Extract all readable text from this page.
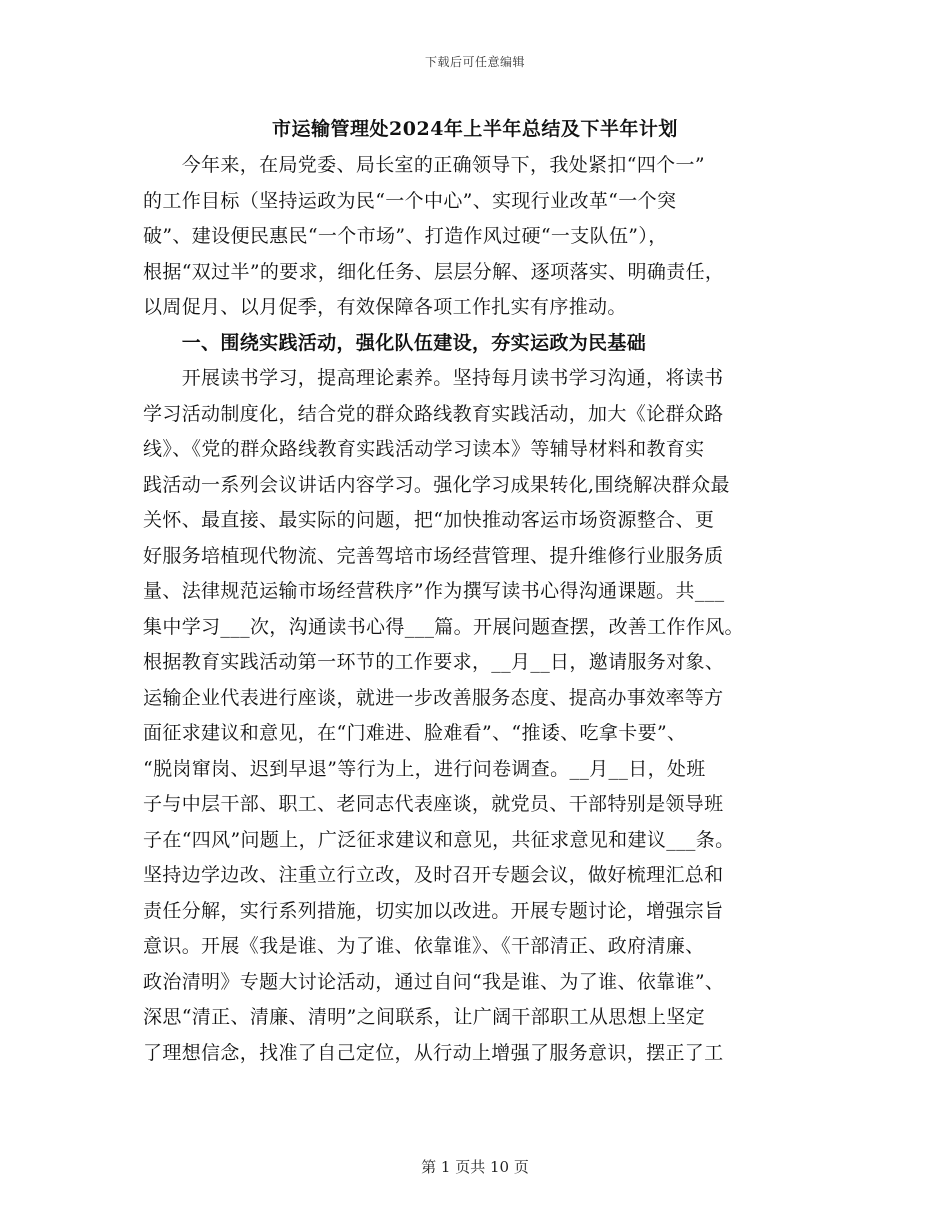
下载后可任意编辑
市运输管理处2024年上半年总结及下半年计划
　　今年来，在局党委、局长室的正确领导下，我处紧扣“四个一”
的工作目标（坚持运政为民“一个中心”、实现行业改革“一个突
破”、建设便民惠民“一个市场”、打造作风过硬“一支队伍”），
根据“双过半”的要求，细化任务、层层分解、逐项落实、明确责任，
以周促月、以月促季，有效保障各项工作扎实有序推动。
　　一、围绕实践活动，强化队伍建设，夯实运政为民基础
　　开展读书学习，提高理论素养。坚持每月读书学习沟通，将读书
学习活动制度化，结合党的群众路线教育实践活动，加大《论群众路
线》、《党的群众路线教育实践活动学习读本》等辅导材料和教育实
践活动一系列会议讲话内容学习。强化学习成果转化,围绕解决群众最
关怀、最直接、最实际的问题，把“加快推动客运市场资源整合、更
好服务培植现代物流、完善驾培市场经营管理、提升维修行业服务质
量、法律规范运输市场经营秩序”作为撰写读书心得沟通课题。共___
集中学习___次，沟通读书心得___篇。开展问题查摆，改善工作作风。
根据教育实践活动第一环节的工作要求，__月__日，邀请服务对象、
运输企业代表进行座谈，就进一步改善服务态度、提高办事效率等方
面征求建议和意见，在“门难进、脸难看”、“推诿、吃拿卡要”、
“脱岗窜岗、迟到早退”等行为上，进行问卷调查。__月__日，处班
子与中层干部、职工、老同志代表座谈，就党员、干部特别是领导班
子在“四风”问题上，广泛征求建议和意见，共征求意见和建议___条。
坚持边学边改、注重立行立改，及时召开专题会议，做好梳理汇总和
责任分解，实行系列措施，切实加以改进。开展专题讨论，增强宗旨
意识。开展《我是谁、为了谁、依靠谁》、《干部清正、政府清廉、
政治清明》专题大讨论活动，通过自问“我是谁、为了谁、依靠谁”、
深思“清正、清廉、清明”之间联系，让广阔干部职工从思想上坚定
了理想信念，找准了自己定位，从行动上增强了服务意识，摆正了工
第 1 页共 10 页
